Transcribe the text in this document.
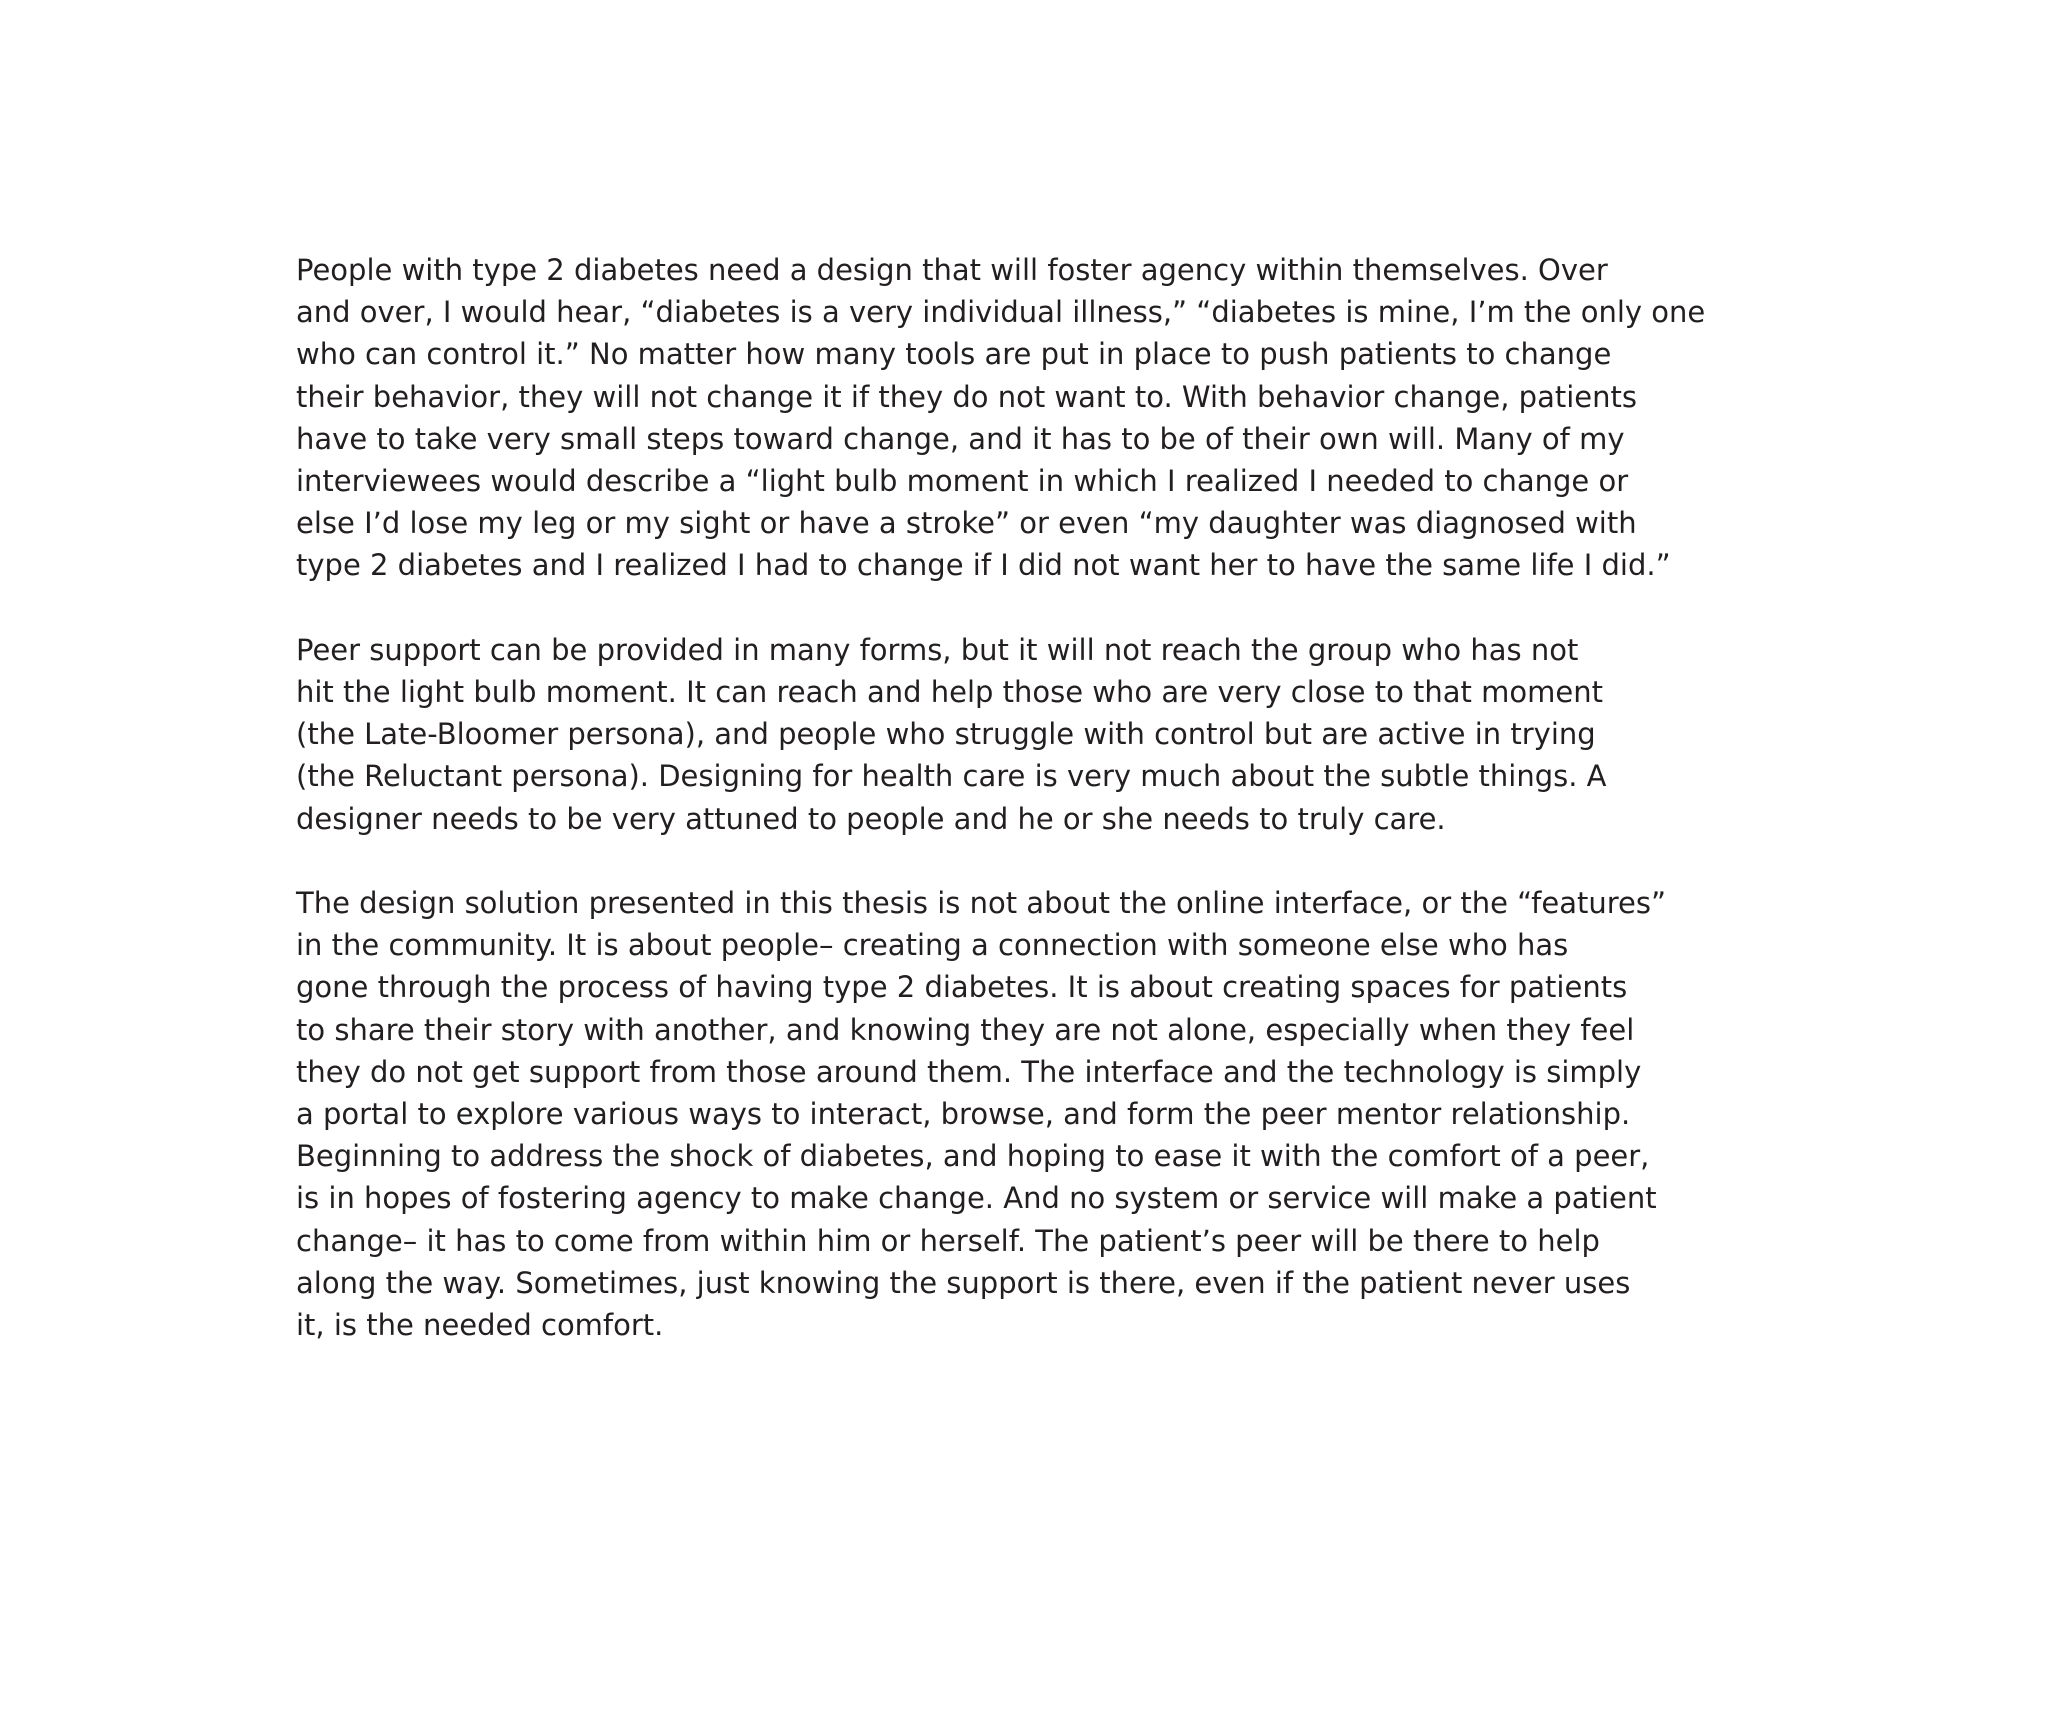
People with type 2 diabetes need a design that will foster agency within themselves. Over
and over, I would hear, “diabetes is a very individual illness,” “diabetes is mine, I’m the only one
who can control it.” No matter how many tools are put in place to push patients to change
their behavior, they will not change it if they do not want to. With behavior change, patients
have to take very small steps toward change, and it has to be of their own will. Many of my
interviewees would describe a “light bulb moment in which I realized I needed to change or
else I’d lose my leg or my sight or have a stroke” or even “my daughter was diagnosed with
type 2 diabetes and I realized I had to change if I did not want her to have the same life I did.”

Peer support can be provided in many forms, but it will not reach the group who has not
hit the light bulb moment. It can reach and help those who are very close to that moment
(the Late-Bloomer persona), and people who struggle with control but are active in trying
(the Reluctant persona). Designing for health care is very much about the subtle things. A
designer needs to be very attuned to people and he or she needs to truly care.

The design solution presented in this thesis is not about the online interface, or the “features”
in the community. It is about people– creating a connection with someone else who has
gone through the process of having type 2 diabetes. It is about creating spaces for patients
to share their story with another, and knowing they are not alone, especially when they feel
they do not get support from those around them. The interface and the technology is simply
a portal to explore various ways to interact, browse, and form the peer mentor relationship.
Beginning to address the shock of diabetes, and hoping to ease it with the comfort of a peer,
is in hopes of fostering agency to make change. And no system or service will make a patient
change– it has to come from within him or herself. The patient’s peer will be there to help
along the way. Sometimes, just knowing the support is there, even if the patient never uses
it, is the needed comfort.
